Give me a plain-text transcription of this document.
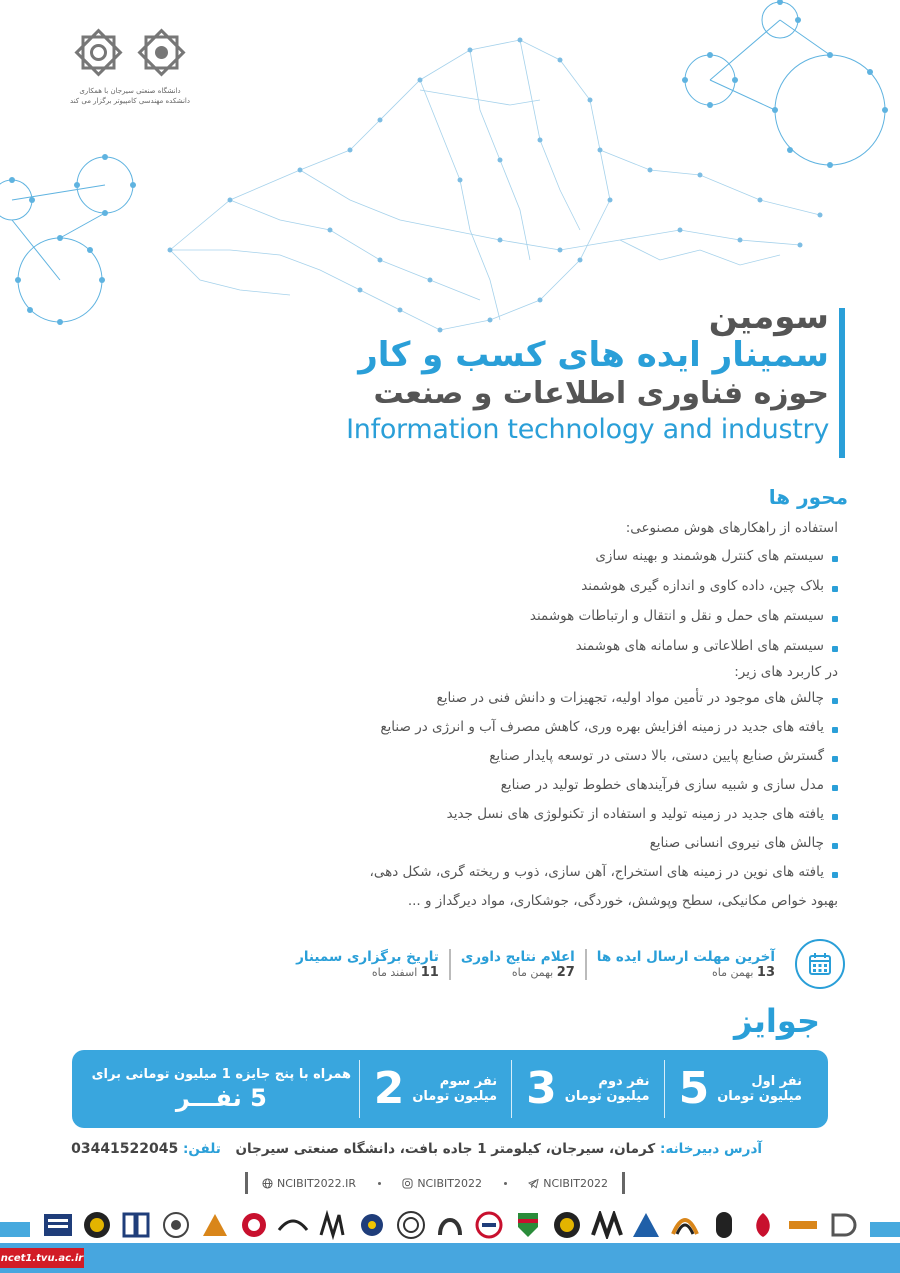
دانشگاه صنعتی سیرجان با همکاری
دانشکده مهندسی کامپیوتر برگزار می کند
سومین
سمینار ایده های کسب و کار
حوزه فناوری اطلاعات و صنعت
Information technology and industry
محور ها
استفاده از راهکارهای هوش مصنوعی:
سیستم های کنترل هوشمند و بهینه سازی
بلاک چین، داده کاوی و اندازه گیری هوشمند
سیستم های حمل و نقل و انتقال و ارتباطات هوشمند
سیستم های اطلاعاتی و سامانه های هوشمند
در کاربرد های زیر:
چالش های موجود در تأمین مواد اولیه، تجهیزات و دانش فنی در صنایع
یافته های جدید در زمینه افزایش بهره وری، کاهش مصرف آب و انرژی در صنایع
گسترش صنایع پایین دستی، بالا دستی در توسعه پایدار صنایع
مدل سازی و شبیه سازی فرآیندهای خطوط تولید در صنایع
یافته های جدید در زمینه تولید و استفاده از تکنولوژی های نسل جدید
چالش های نیروی انسانی صنایع
یافته های نوین در زمینه های استخراج، آهن سازی، ذوب و ریخته گری، شکل دهی،
بهبود خواص مکانیکی، سطح وپوشش، خوردگی، جوشکاری، مواد دیرگداز و ...
آخرین مهلت ارسال ایده ها
13 بهمن ماه
اعلام نتایج داوری
27 بهمن ماه
تاریخ برگزاری سمینار
11 اسفند ماه
جوایز
نفر اول
میلیون تومان
5
نفر دوم
میلیون تومان
3
نفر سوم
میلیون تومان
2
همراه با پنج جایزه 1 میلیون تومانی برای
5 نفـــر
آدرس دبیرخانه: کرمان، سیرجان، کیلومتر 1 جاده بافت، دانشگاه صنعتی سیرجان تلفن: 03441522045
NCIBIT2022.IR	NCIBIT2022	NCIBIT2022
ncet1.tvu.ac.ir
